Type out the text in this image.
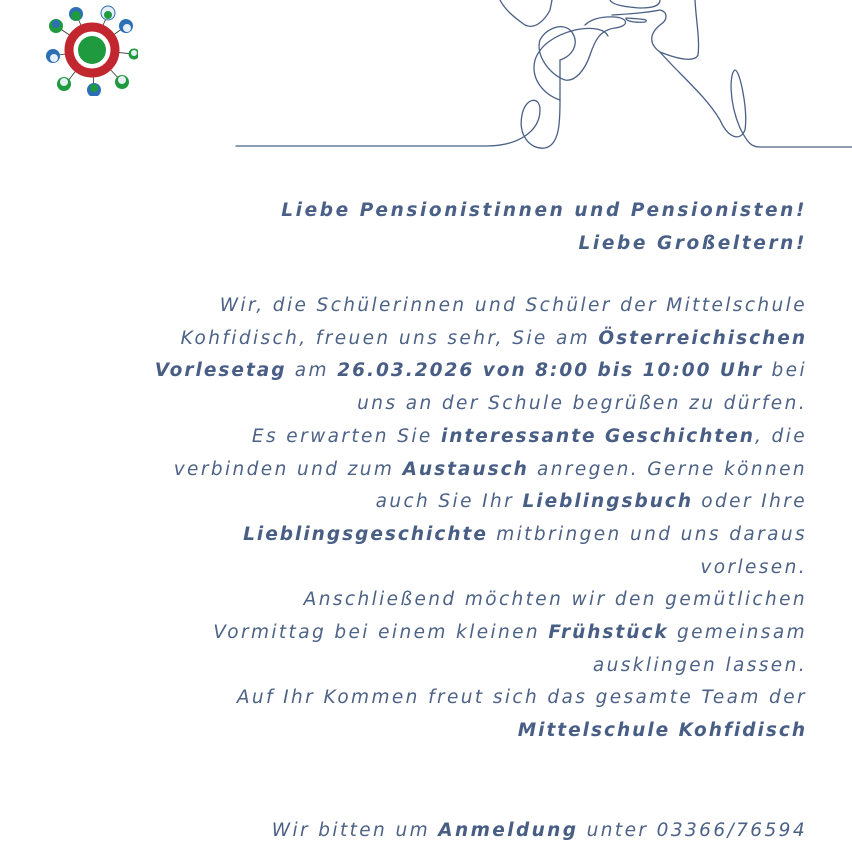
Liebe Pensionistinnen und Pensionisten!
Liebe Großeltern!
Wir, die Schülerinnen und Schüler der Mittelschule
Kohfidisch, freuen uns sehr, Sie am Österreichischen
Vorlesetag am 26.03.2026 von 8:00 bis 10:00 Uhr bei
uns an der Schule begrüßen zu dürfen.
Es erwarten Sie interessante Geschichten, die
verbinden und zum Austausch anregen. Gerne können
auch Sie Ihr Lieblingsbuch oder Ihre
Lieblingsgeschichte mitbringen und uns daraus
vorlesen.
Anschließend möchten wir den gemütlichen
Vormittag bei einem kleinen Frühstück gemeinsam
ausklingen lassen.
Auf Ihr Kommen freut sich das gesamte Team der
Mittelschule Kohfidisch
Wir bitten um Anmeldung unter 03366/76594
